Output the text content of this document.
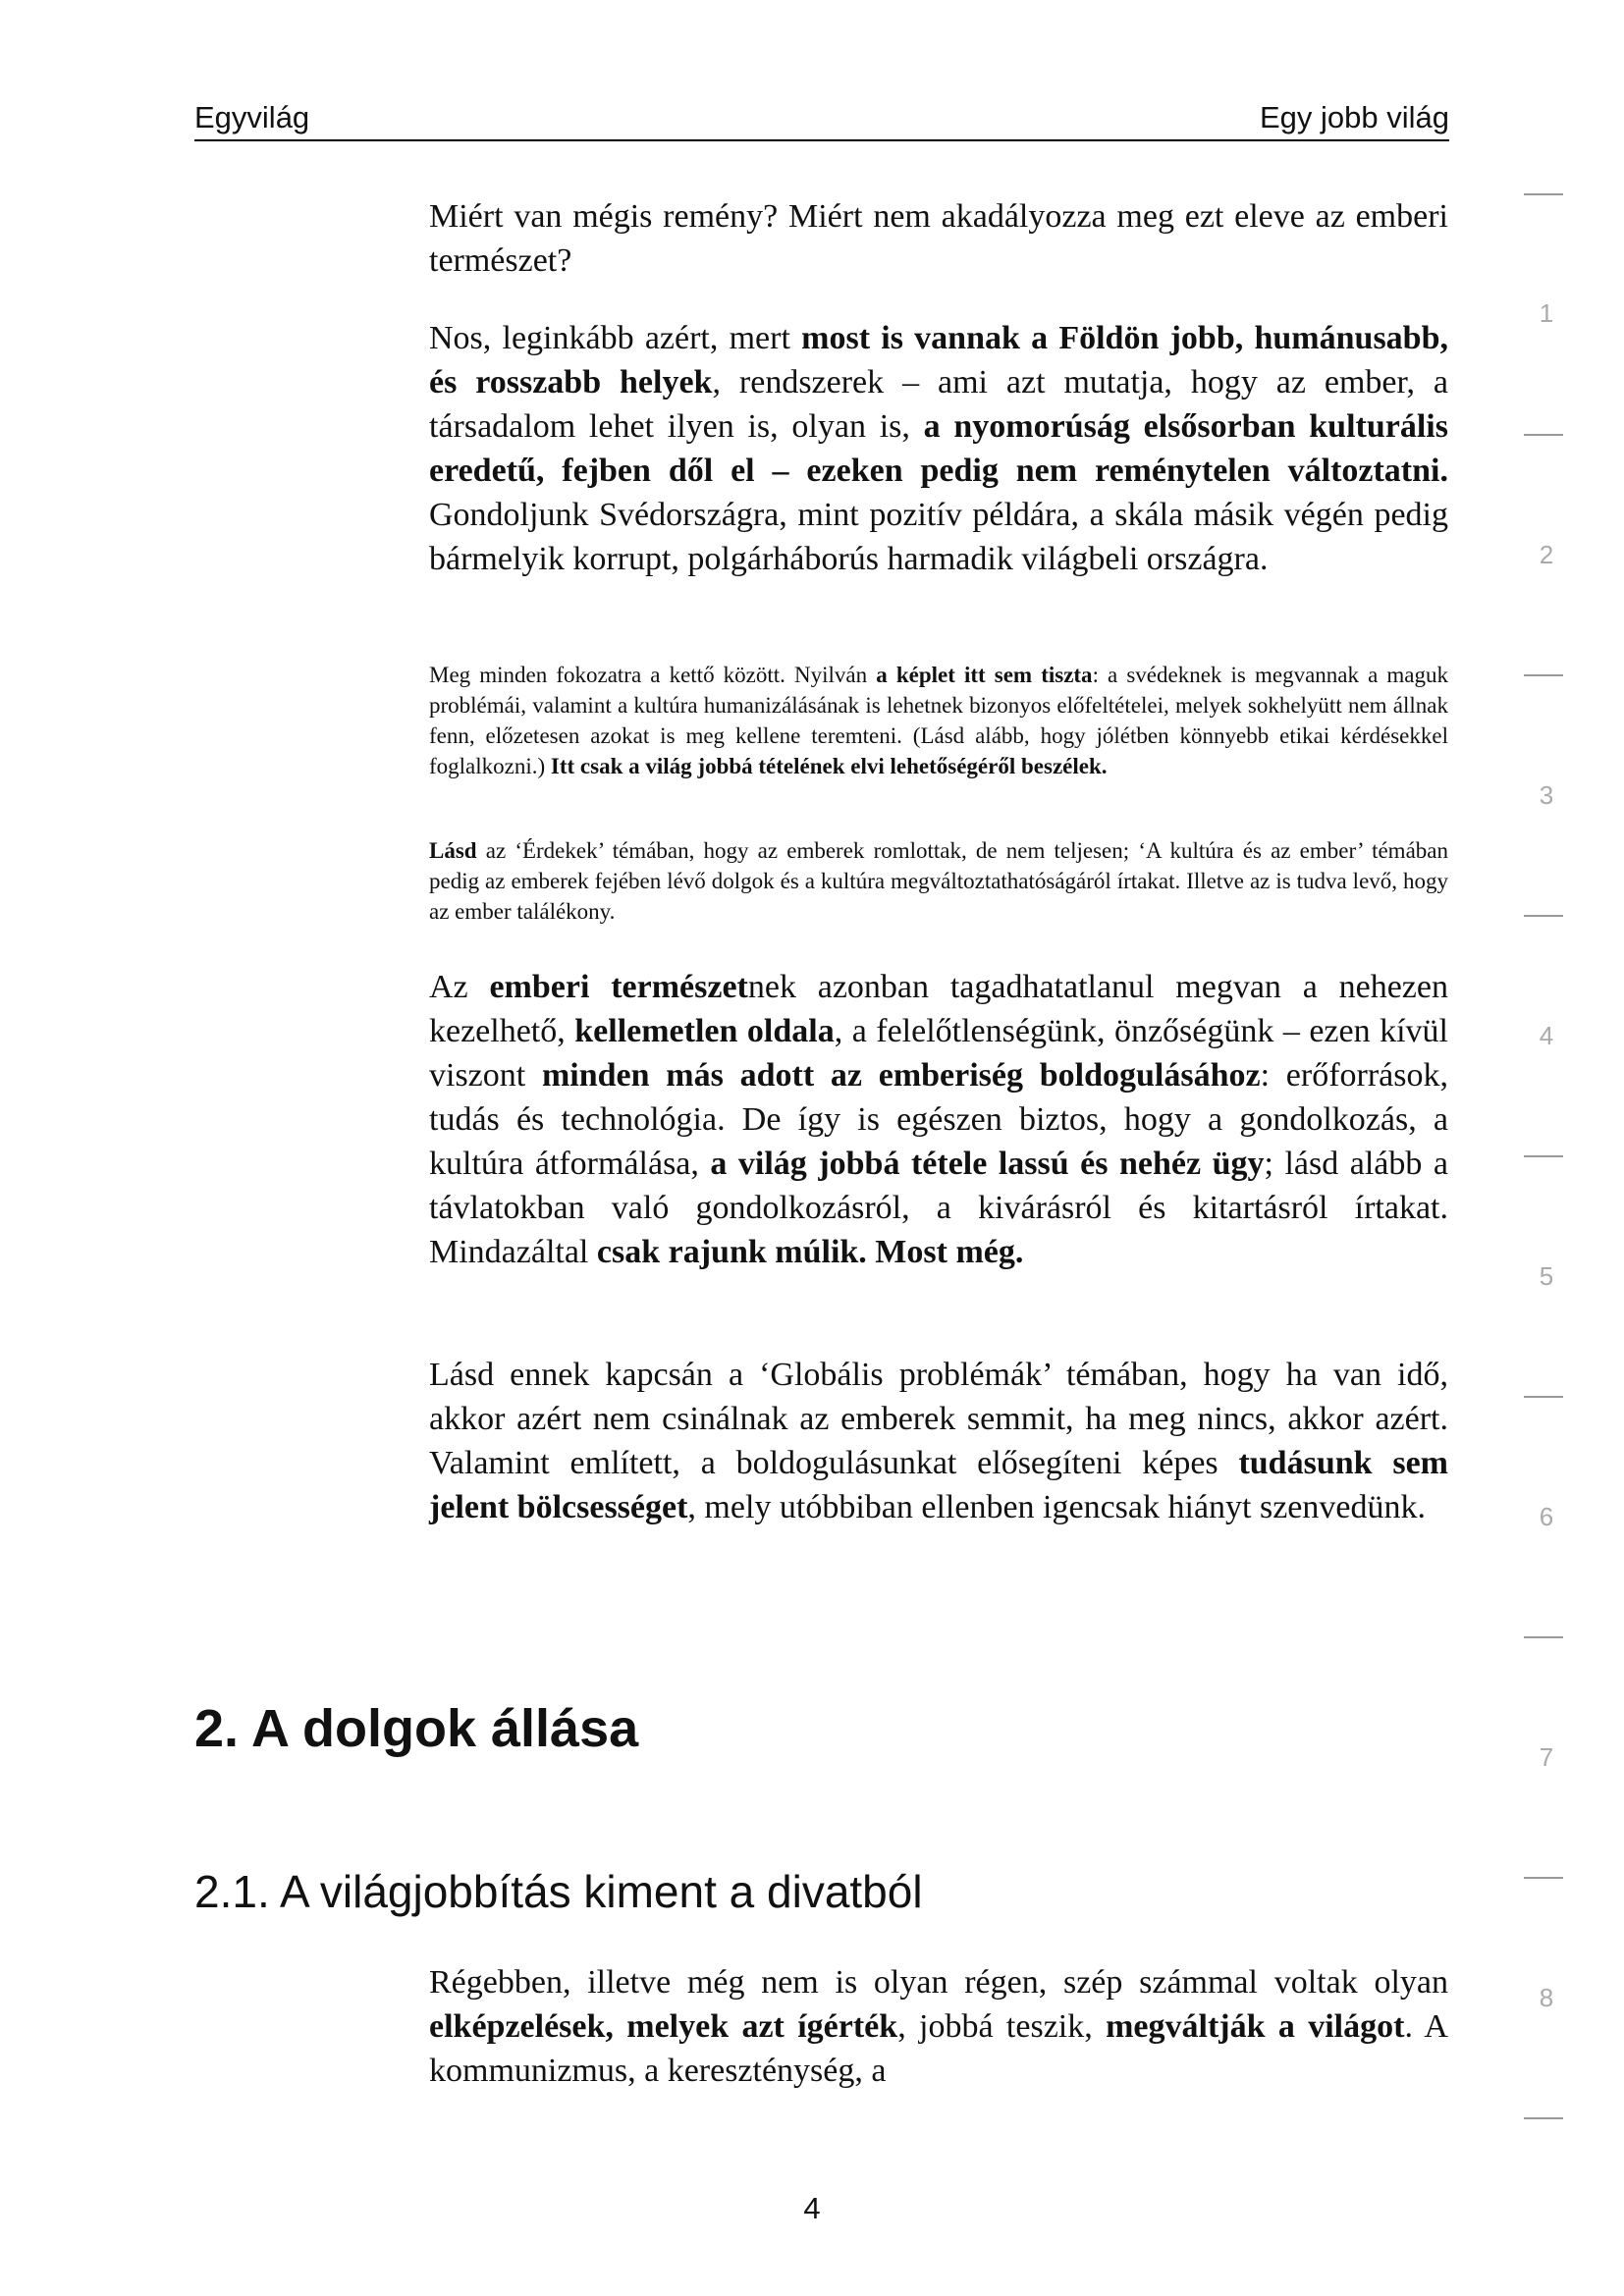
Egyvilág	Egy jobb világ

Miért van mégis remény? Miért nem akadályozza meg ezt eleve az emberi természet?

Nos, leginkább azért, mert most is vannak a Földön jobb, humánusabb, és rosszabb helyek, rendszerek – ami azt mutatja, hogy az ember, a társadalom lehet ilyen is, olyan is, a nyomorúság elsősorban kulturális eredetű, fejben dől el – ezeken pedig nem reménytelen változtatni. Gondoljunk Svédországra, mint pozitív példára, a skála másik végén pedig bármelyik korrupt, polgárháborús harmadik világbeli országra.

Meg minden fokozatra a kettő között. Nyilván a képlet itt sem tiszta: a svédeknek is megvannak a maguk problémái, valamint a kultúra humanizálásának is lehetnek bizonyos előfeltételei, melyek sokhelyütt nem állnak fenn, előzetesen azokat is meg kellene teremteni. (Lásd alább, hogy jólétben könnyebb etikai kérdésekkel foglalkozni.) Itt csak a világ jobbá tételének elvi lehetőségéről beszélek.

Lásd az ‘Érdekek’ témában, hogy az emberek romlottak, de nem teljesen; ‘A kultúra és az ember’ témában pedig az emberek fejében lévő dolgok és a kultúra megváltoztathatóságáról írtakat. Illetve az is tudva levő, hogy az ember találékony.

Az emberi természetnek azonban tagadhatatlanul megvan a nehezen kezelhető, kellemetlen oldala, a felelőtlenségünk, önzőségünk – ezen kívül viszont minden más adott az emberiség boldogulásához: erőforrások, tudás és technológia. De így is egészen biztos, hogy a gondolkozás, a kultúra átformálása, a világ jobbá tétele lassú és nehéz ügy; lásd alább a távlatokban való gondolkozásról, a kivárásról és kitartásról írtakat. Mindazáltal csak rajunk múlik. Most még.

Lásd ennek kapcsán a ‘Globális problémák’ témában, hogy ha van idő, akkor azért nem csinálnak az emberek semmit, ha meg nincs, akkor azért. Valamint említett, a boldogulásunkat elősegíteni képes tudásunk sem jelent bölcsességet, mely utóbbiban ellenben igencsak hiányt szenvedünk.

2. A dolgok állása
2.1. A világjobbítás kiment a divatból

Régebben, illetve még nem is olyan régen, szép számmal voltak olyan elképzelések, melyek azt ígérték, jobbá teszik, megváltják a világot. A kommunizmus, a kereszténység, a

4
1
2
3
4
5
6
7
8
